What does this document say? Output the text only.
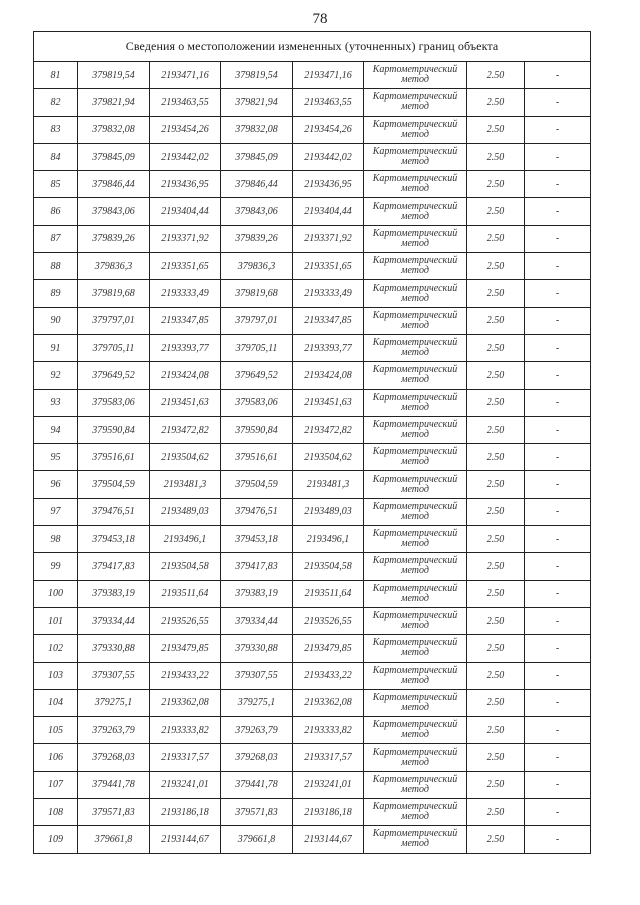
78
Сведения о местоположении измененных (уточненных) границ объекта							
81	379819,54	2193471,16	379819,54	2193471,16	Картометрический метод	2.50	-
82	379821,94	2193463,55	379821,94	2193463,55	Картометрический метод	2.50	-
83	379832,08	2193454,26	379832,08	2193454,26	Картометрический метод	2.50	-
84	379845,09	2193442,02	379845,09	2193442,02	Картометрический метод	2.50	-
85	379846,44	2193436,95	379846,44	2193436,95	Картометрический метод	2.50	-
86	379843,06	2193404,44	379843,06	2193404,44	Картометрический метод	2.50	-
87	379839,26	2193371,92	379839,26	2193371,92	Картометрический метод	2.50	-
88	379836,3	2193351,65	379836,3	2193351,65	Картометрический метод	2.50	-
89	379819,68	2193333,49	379819,68	2193333,49	Картометрический метод	2.50	-
90	379797,01	2193347,85	379797,01	2193347,85	Картометрический метод	2.50	-
91	379705,11	2193393,77	379705,11	2193393,77	Картометрический метод	2.50	-
92	379649,52	2193424,08	379649,52	2193424,08	Картометрический метод	2.50	-
93	379583,06	2193451,63	379583,06	2193451,63	Картометрический метод	2.50	-
94	379590,84	2193472,82	379590,84	2193472,82	Картометрический метод	2.50	-
95	379516,61	2193504,62	379516,61	2193504,62	Картометрический метод	2.50	-
96	379504,59	2193481,3	379504,59	2193481,3	Картометрический метод	2.50	-
97	379476,51	2193489,03	379476,51	2193489,03	Картометрический метод	2.50	-
98	379453,18	2193496,1	379453,18	2193496,1	Картометрический метод	2.50	-
99	379417,83	2193504,58	379417,83	2193504,58	Картометрический метод	2.50	-
100	379383,19	2193511,64	379383,19	2193511,64	Картометрический метод	2.50	-
101	379334,44	2193526,55	379334,44	2193526,55	Картометрический метод	2.50	-
102	379330,88	2193479,85	379330,88	2193479,85	Картометрический метод	2.50	-
103	379307,55	2193433,22	379307,55	2193433,22	Картометрический метод	2.50	-
104	379275,1	2193362,08	379275,1	2193362,08	Картометрический метод	2.50	-
105	379263,79	2193333,82	379263,79	2193333,82	Картометрический метод	2.50	-
106	379268,03	2193317,57	379268,03	2193317,57	Картометрический метод	2.50	-
107	379441,78	2193241,01	379441,78	2193241,01	Картометрический метод	2.50	-
108	379571,83	2193186,18	379571,83	2193186,18	Картометрический метод	2.50	-
109	379661,8	2193144,67	379661,8	2193144,67	Картометрический метод	2.50	-
